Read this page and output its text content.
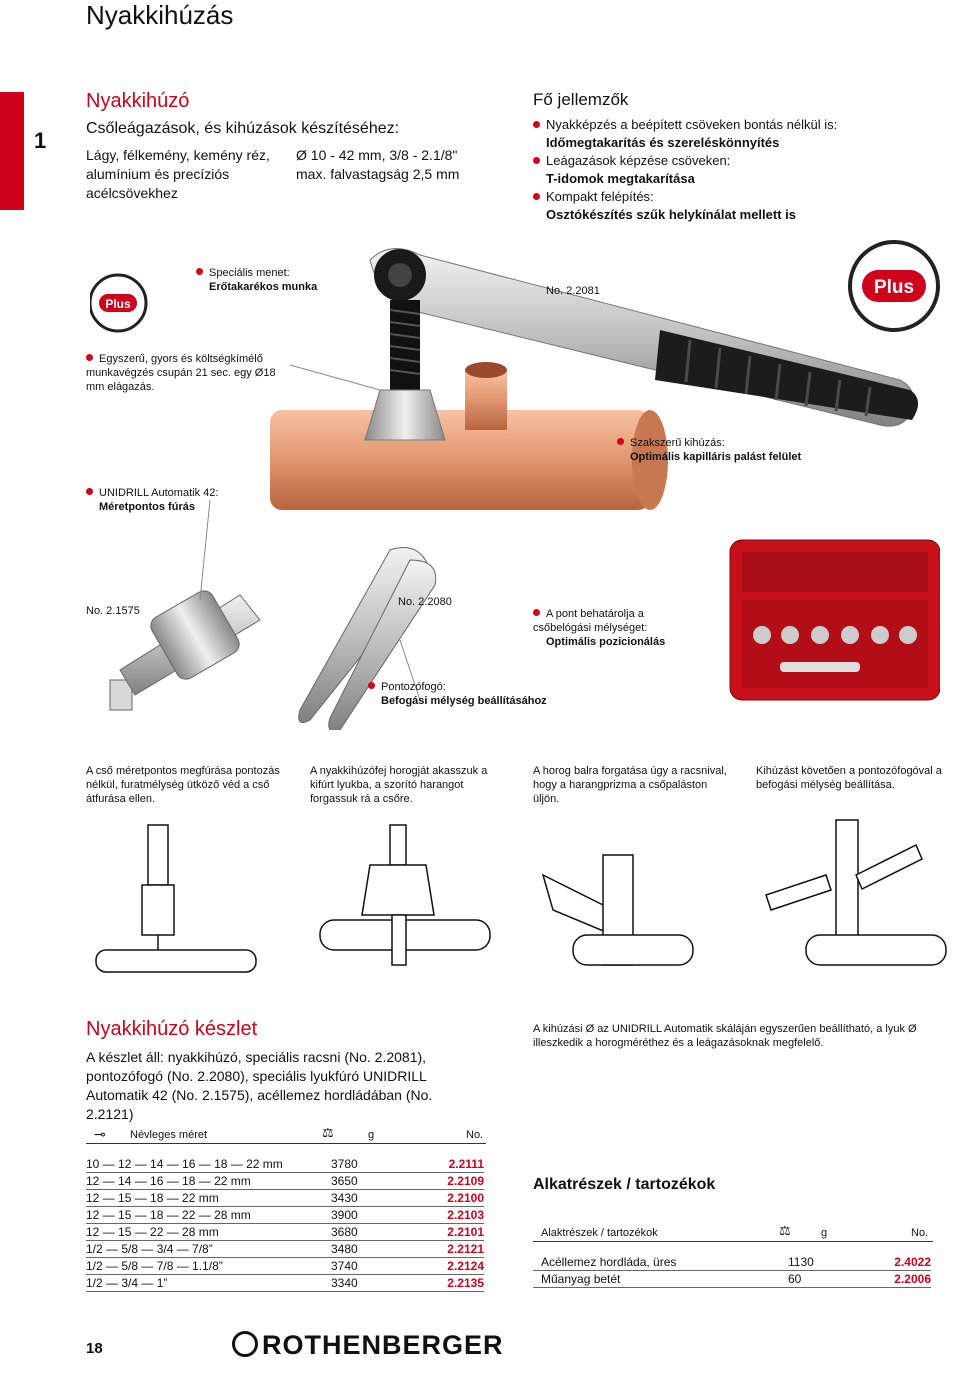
Nyakkihúzás
1
Nyakkihúzó
Csőleágazások, és kihúzások készítéséhez:
Lágy, félkemény, kemény réz, alumínium és precíziós acélcsövekhez
Ø 10 - 42 mm, 3/8 - 2.1/8"
max. falvastagság 2,5 mm
Fő jellemzők
Nyakképzés a beépített csöveken bontás nélkül is:
Időmegtakarítás és szereléskönnyítés
Leágazások képzése csöveken:
T-idomok megtakarítása
Kompakt felépítés:
Osztókészítés szűk helykínálat mellett is
Plus
Plus
Speciális menet:
Erőtakarékos munka	No. 2.2081
Egyszerű, gyors és költségkímélő munkavégzés csupán 21 sec. egy Ø18 mm elágazás.
Szakszerű kihúzás:
Optimális kapilláris palást felület
UNIDRILL Automatik 42:
Méretpontos fúrás
No. 2.1575
No. 2.2080
A pont behatárolja a csőbelógási mélységet:
Optimális pozicionálás
Pontozófogó:
Befogási mélység beállításához
A cső méretpontos megfúrása pontozás nélkül, furatmélység ütköző véd a cső átfurása ellen.
A nyakkihúzófej horogját akasszuk a kifúrt lyukba, a szorító harangot forgassuk rá a csőre.
A horog balra forgatása úgy a racsnival, hogy a harangprizma a csőpaláston üljön.
Kihúzást követően a pontozófogóval a befogási mélység beállítása.
Nyakkihúzó készlet
A készlet áll: nyakkihúzó, speciális racsni (No. 2.2081), pontozófogó (No. 2.2080), speciális lyukfúró UNIDRILL Automatik 42 (No. 2.1575), acéllemez hordládában (No. 2.2121)
A kihúzási Ø az UNIDRILL Automatik skáláján egyszerűen beállítható, a lyuk Ø illeszkedik a horogméréthez és a leágazásoknak megfelelő.
⊸ Névleges méret	⚖	g	No.
10 — 12 — 14 — 16 — 18 — 22 mm	3780	2.2111
12 — 14 — 16 — 18 — 22 mm	3650	2.2109
12 — 15 — 18 — 22 mm	3430	2.2100
12 — 15 — 18 — 22 — 28 mm	3900	2.2103
12 — 15 — 22 — 28 mm	3680	2.2101
1/2 — 5/8 — 3/4 — 7/8”	3480	2.2121
1/2 — 5/8 — 7/8 — 1.1/8”	3740	2.2124
1/2 — 3/4 — 1”	3340	2.2135
Alkatrészek / tartozékok
Alaktrészek / tartozékok	⚖	g	No.
Acéllemez hordláda, üres	1130	2.4022
Műanyag betét	60	2.2006
18	ROTHENBERGER
